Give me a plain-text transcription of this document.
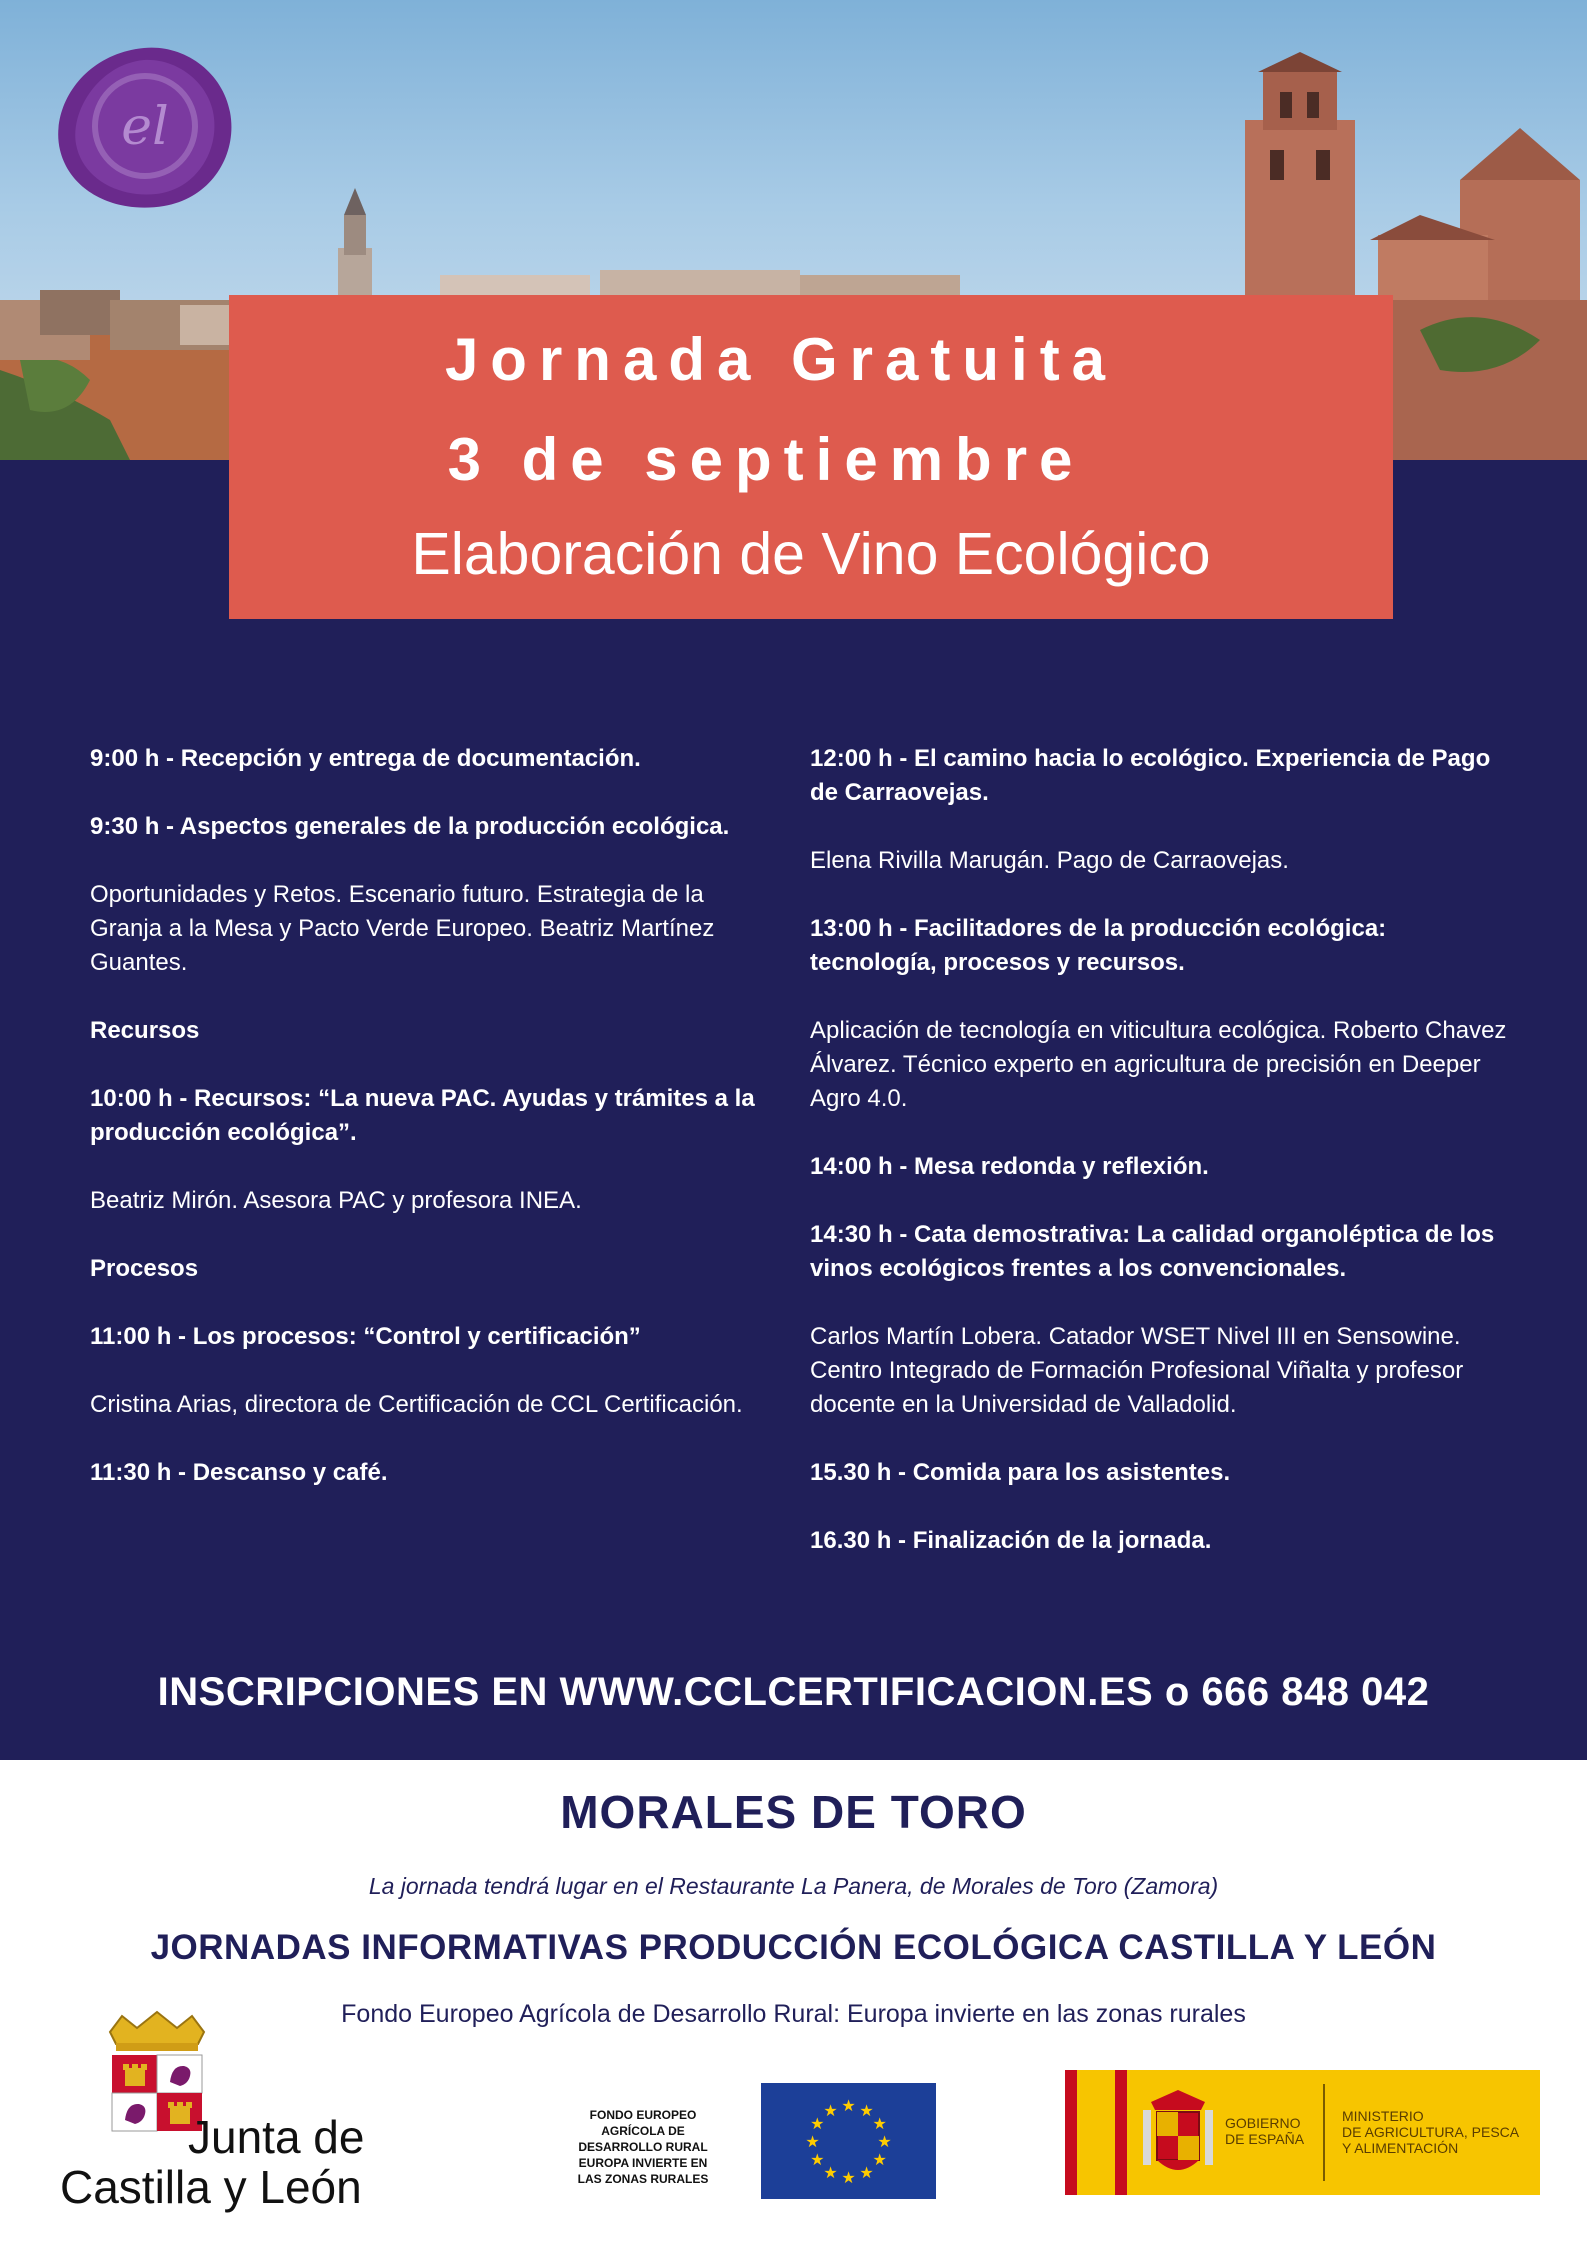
el
Jornada Gratuita
3 de septiembre
Elaboración de Vino Ecológico

9:00 h - Recepción y entrega de documentación.

9:30 h - Aspectos generales de la producción ecológica.

Oportunidades y Retos. Escenario futuro. Estrategia de la Granja a la Mesa y Pacto Verde Europeo. Beatriz Martínez Guantes.

Recursos

10:00 h - Recursos: “La nueva PAC. Ayudas y trámites a la producción ecológica”.

Beatriz Mirón. Asesora PAC y profesora INEA.

Procesos

11:00 h - Los procesos: “Control y certificación”

Cristina Arias, directora de Certificación de CCL Certificación.

11:30 h - Descanso y café.

12:00 h - El camino hacia lo ecológico. Experiencia de Pago de Carraovejas.

Elena Rivilla Marugán. Pago de Carraovejas.

13:00 h - Facilitadores de la producción ecológica: tecnología, procesos y recursos.

Aplicación de tecnología en viticultura ecológica. Roberto Chavez Álvarez. Técnico experto en agricultura de precisión en Deeper Agro 4.0.

14:00 h - Mesa redonda y reflexión.

14:30 h - Cata demostrativa: La calidad organoléptica de los vinos ecológicos frentes a los convencionales.

Carlos Martín Lobera. Catador WSET Nivel III en Sensowine. Centro Integrado de Formación Profesional Viñalta y profesor docente en la Universidad de Valladolid.

15.30 h - Comida para los asistentes.

16.30 h - Finalización de la jornada.

INSCRIPCIONES EN WWW.CCLCERTIFICACION.ES o 666 848 042
MORALES DE TORO
La jornada tendrá lugar en el Restaurante La Panera, de Morales de Toro (Zamora)
JORNADAS INFORMATIVAS PRODUCCIÓN ECOLÓGICA CASTILLA Y LEÓN
Fondo Europeo Agrícola de Desarrollo Rural: Europa invierte en las zonas rurales
Junta de
Castilla y León
FONDO EUROPEO
AGRÍCOLA DE
DESARROLLO RURAL
EUROPA INVIERTE EN
LAS ZONAS RURALES
★ ★
★
★
★
★
★
★
★
★
★
★
GOBIERNO
DE ESPAÑA
MINISTERIO
DE AGRICULTURA, PESCA
Y ALIMENTACIÓN
